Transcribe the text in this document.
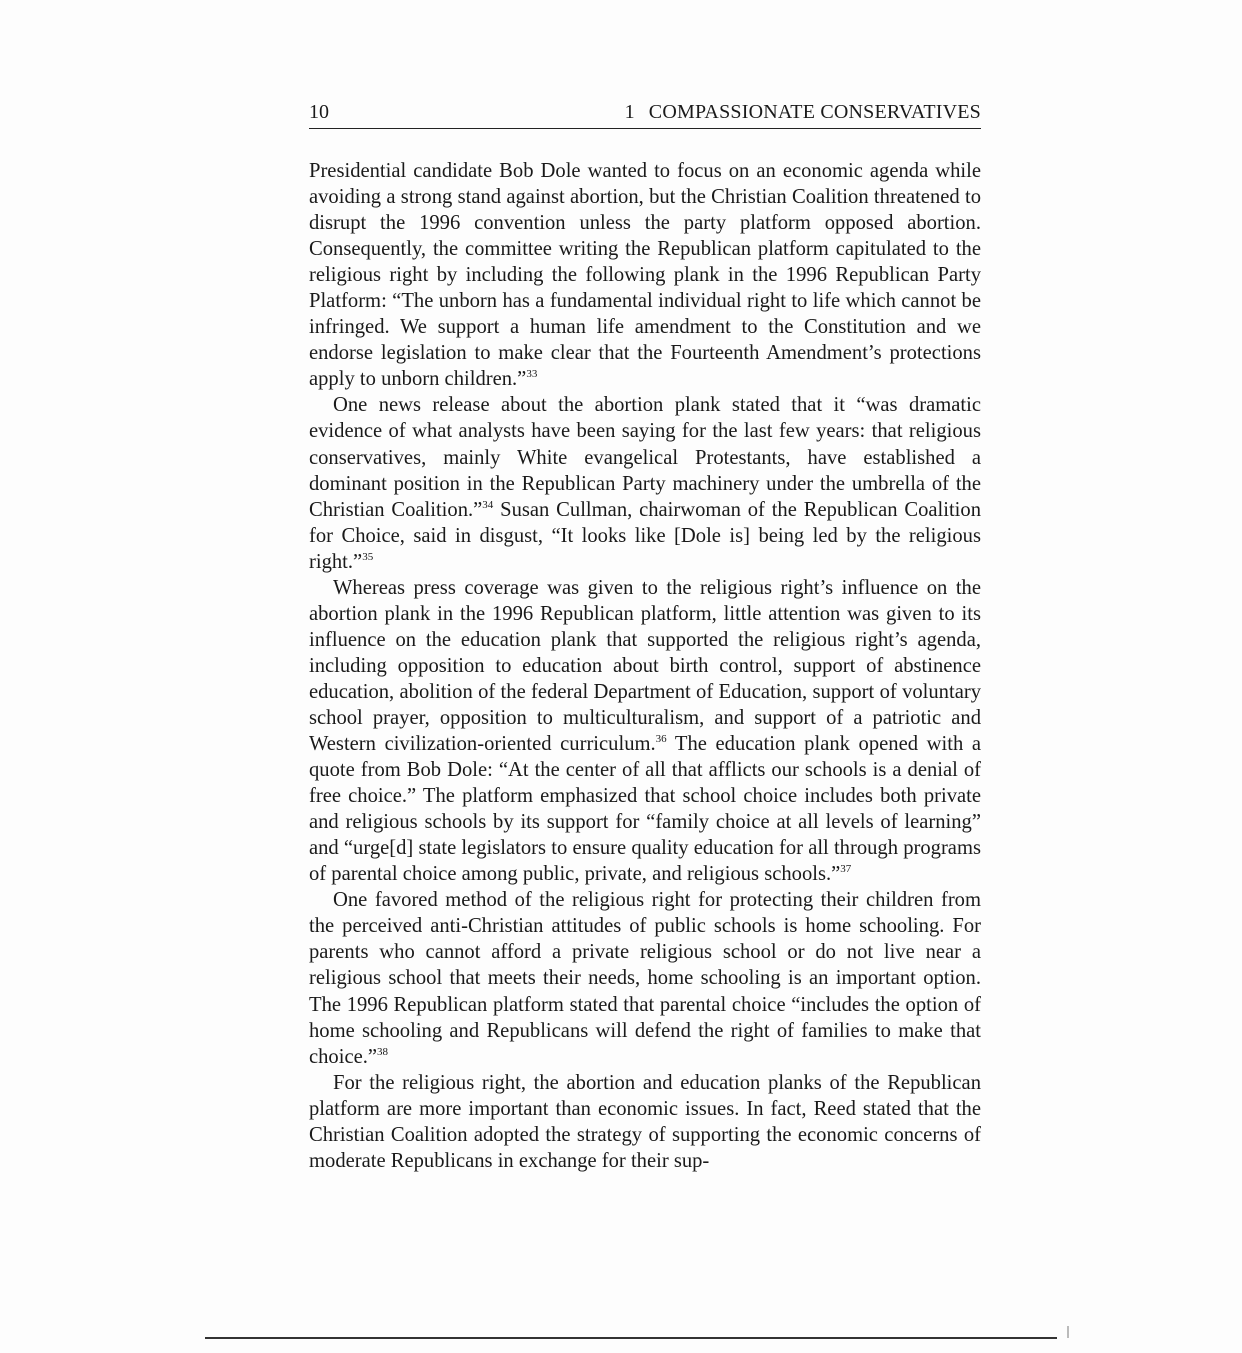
10	1 COMPASSIONATE CONSERVATIVES

Presidential candidate Bob Dole wanted to focus on an economic agenda while avoiding a strong stand against abortion, but the Christian Coalition threatened to disrupt the 1996 convention unless the party platform opposed abortion. Consequently, the committee writing the Republican platform capitulated to the religious right by including the following plank in the 1996 Republican Party Platform: “The unborn has a fundamental individual right to life which cannot be infringed. We support a human life amendment to the Constitution and we endorse legislation to make clear that the Fourteenth Amendment’s protections apply to unborn children.”$^{33}$

One news release about the abortion plank stated that it “was dramatic evidence of what analysts have been saying for the last few years: that religious conservatives, mainly White evangelical Protestants, have established a dominant position in the Republican Party machinery under the umbrella of the Christian Coalition.”$^{34}$ Susan Cullman, chairwoman of the Republican Coalition for Choice, said in disgust, “It looks like [Dole is] being led by the religious right.”$^{35}$

Whereas press coverage was given to the religious right’s influence on the abortion plank in the 1996 Republican platform, little attention was given to its influence on the education plank that supported the religious right’s agenda, including opposition to education about birth control, support of abstinence education, abolition of the federal Department of Education, support of voluntary school prayer, opposition to multiculturalism, and support of a patriotic and Western civilization-oriented curriculum.$^{36}$ The education plank opened with a quote from Bob Dole: “At the center of all that afflicts our schools is a denial of free choice.” The platform emphasized that school choice includes both private and religious schools by its support for “family choice at all levels of learning” and “urge[d] state legislators to ensure quality education for all through programs of parental choice among public, private, and religious schools.”$^{37}$

One favored method of the religious right for protecting their children from the perceived anti-Christian attitudes of public schools is home schooling. For parents who cannot afford a private religious school or do not live near a religious school that meets their needs, home schooling is an important option. The 1996 Republican platform stated that parental choice “includes the option of home schooling and Republicans will defend the right of families to make that choice.”$^{38}$

For the religious right, the abortion and education planks of the Republican platform are more important than economic issues. In fact, Reed stated that the Christian Coalition adopted the strategy of supporting the economic concerns of moderate Republicans in exchange for their sup-
